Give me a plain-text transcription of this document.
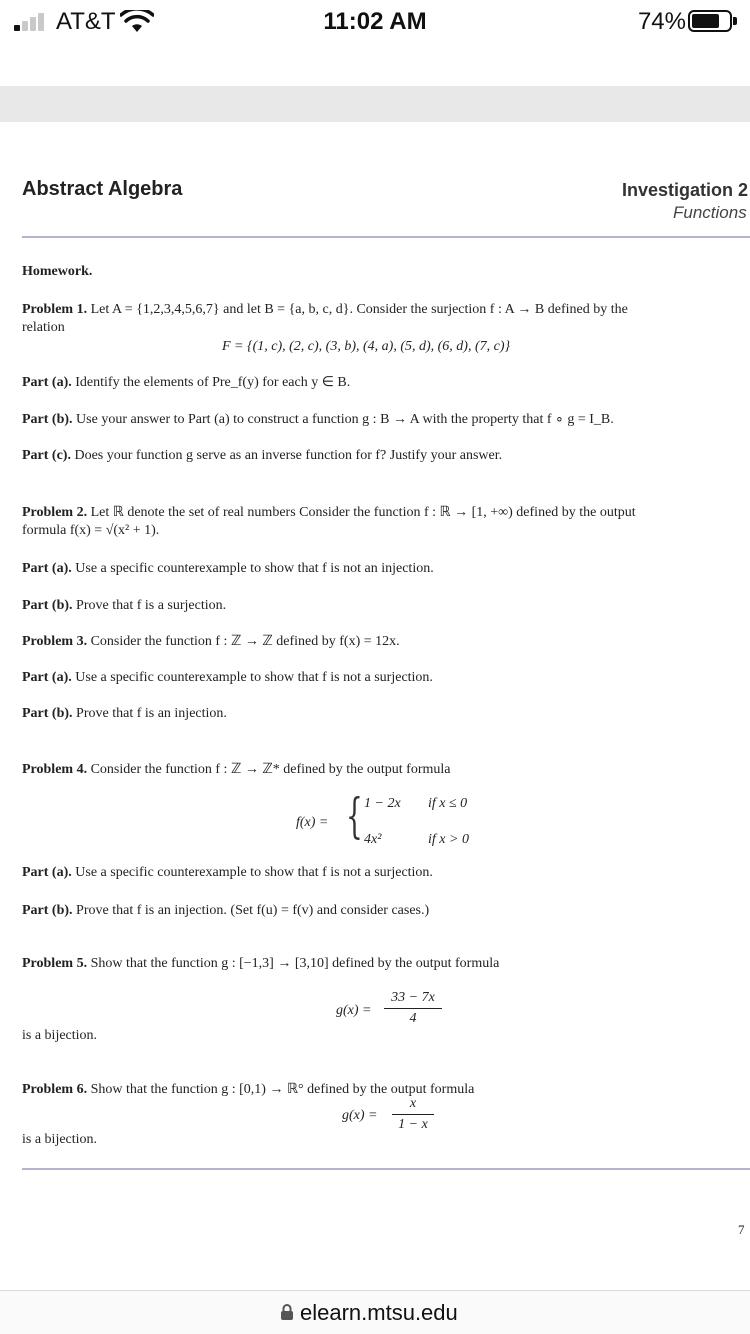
AT&T	11:02 AM	74%
Abstract Algebra	Investigation 2
Functions
Homework.
Problem 1. Let A = {1,2,3,4,5,6,7} and let B = {a, b, c, d}. Consider the surjection f : A → B defined by the
relation
F = {(1, c), (2, c), (3, b), (4, a), (5, d), (6, d), (7, c)}
Part (a). Identify the elements of Pre_f(y) for each y ∈ B.
Part (b). Use your answer to Part (a) to construct a function g : B → A with the property that f ∘ g = I_B.
Part (c). Does your function g serve as an inverse function for f? Justify your answer.
Problem 2. Let ℝ denote the set of real numbers Consider the function f : ℝ → [1, +∞) defined by the output
formula f(x) = √(x² + 1).
Part (a). Use a specific counterexample to show that f is not an injection.
Part (b). Prove that f is a surjection.
Problem 3. Consider the function f : ℤ → ℤ defined by f(x) = 12x.
Part (a). Use a specific counterexample to show that f is not a surjection.
Part (b). Prove that f is an injection.
Problem 4. Consider the function f : ℤ → ℤ* defined by the output formula
f(x) = { 1 − 2x if x ≤ 0
4x²	if x > 0
Part (a). Use a specific counterexample to show that f is not a surjection.
Part (b). Prove that f is an injection. (Set f(u) = f(v) and consider cases.)
Problem 5. Show that the function g : [−1,3] → [3,10] defined by the output formula
g(x) =
33 − 7x
4
is a bijection.
Problem 6. Show that the function g : [0,1) → ℝ° defined by the output formula
g(x) =
x
1 − x
is a bijection.
7
elearn.mtsu.edu
